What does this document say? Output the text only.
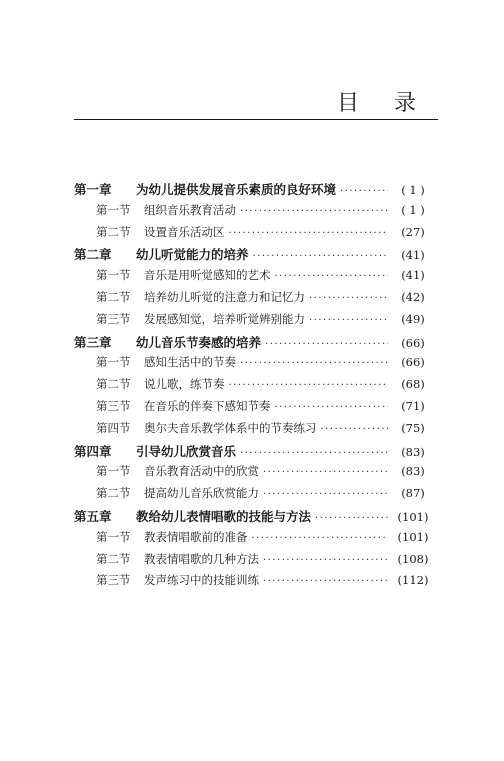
目 录
第一章	为幼儿提供发展音乐素质的良好环境 ·····	( 1 )
第一节	组织音乐教育活动 ·····	( 1 )
第二节	设置音乐活动区 ·····	(27)
第二章	幼儿听觉能力的培养 ·····	(41)
第一节	音乐是用听觉感知的艺术 ·····	(41)
第二节	培养幼儿听觉的注意力和记忆力 ·····	(42)
第三节	发展感知觉，培养听觉辨别能力 ·····	(49)
第三章	幼儿音乐节奏感的培养 ·····	(66)
第一节	感知生活中的节奏 ·····	(66)
第二节	说儿歌，练节奏 ·····	(68)
第三节	在音乐的伴奏下感知节奏 ·····	(71)
第四节	奥尔夫音乐教学体系中的节奏练习 ·····	(75)
第四章	引导幼儿欣赏音乐 ·····	(83)
第一节	音乐教育活动中的欣赏 ·····	(83)
第二节	提高幼儿音乐欣赏能力 ·····	(87)
第五章	教给幼儿表情唱歌的技能与方法 ·····	(101)
第一节	教表情唱歌前的准备 ·····	(101)
第二节	教表情唱歌的几种方法 ·····	(108)
第三节	发声练习中的技能训练 ·····	(112)
